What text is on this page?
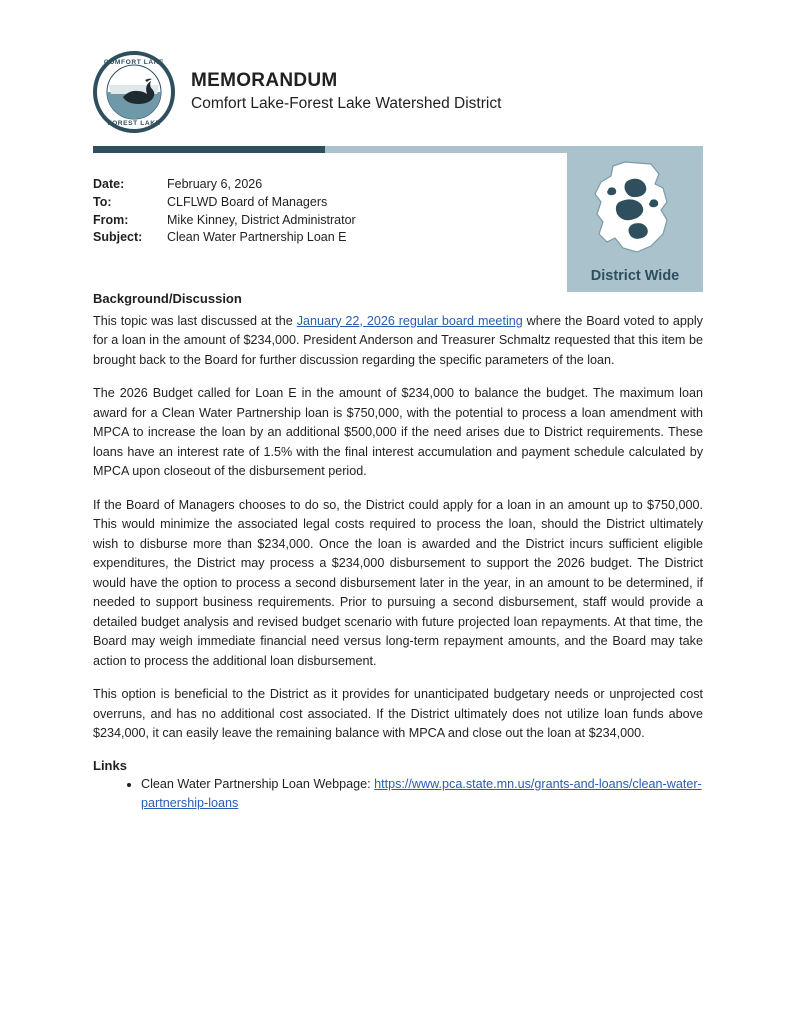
COMFORT LAKE
FOREST LAKE
MEMORANDUM
Comfort Lake-Forest Lake Watershed District
Date:	February 6, 2026
To:	CLFLWD Board of Managers
From:	Mike Kinney, District Administrator
Subject:	Clean Water Partnership Loan E
District Wide
Background/Discussion

This topic was last discussed at the January 22, 2026 regular board meeting where the Board voted to apply for a loan in the amount of $234,000. President Anderson and Treasurer Schmaltz requested that this item be brought back to the Board for further discussion regarding the specific parameters of the loan.

The 2026 Budget called for Loan E in the amount of $234,000 to balance the budget. The maximum loan award for a Clean Water Partnership loan is $750,000, with the potential to process a loan amendment with MPCA to increase the loan by an additional $500,000 if the need arises due to District requirements. These loans have an interest rate of 1.5% with the final interest accumulation and payment schedule calculated by MPCA upon closeout of the disbursement period.

If the Board of Managers chooses to do so, the District could apply for a loan in an amount up to $750,000. This would minimize the associated legal costs required to process the loan, should the District ultimately wish to disburse more than $234,000. Once the loan is awarded and the District incurs sufficient eligible expenditures, the District may process a $234,000 disbursement to support the 2026 budget. The District would have the option to process a second disbursement later in the year, in an amount to be determined, if needed to support business requirements. Prior to pursuing a second disbursement, staff would provide a detailed budget analysis and revised budget scenario with future projected loan repayments. At that time, the Board may weigh immediate financial need versus long-term repayment amounts, and the Board may take action to process the additional loan disbursement.

This option is beneficial to the District as it provides for unanticipated budgetary needs or unprojected cost overruns, and has no additional cost associated. If the District ultimately does not utilize loan funds above $234,000, it can easily leave the remaining balance with MPCA and close out the loan at $234,000.

Links
• Clean Water Partnership Loan Webpage: https://www.pca.state.mn.us/grants-and-loans/clean-water-partnership-loans
